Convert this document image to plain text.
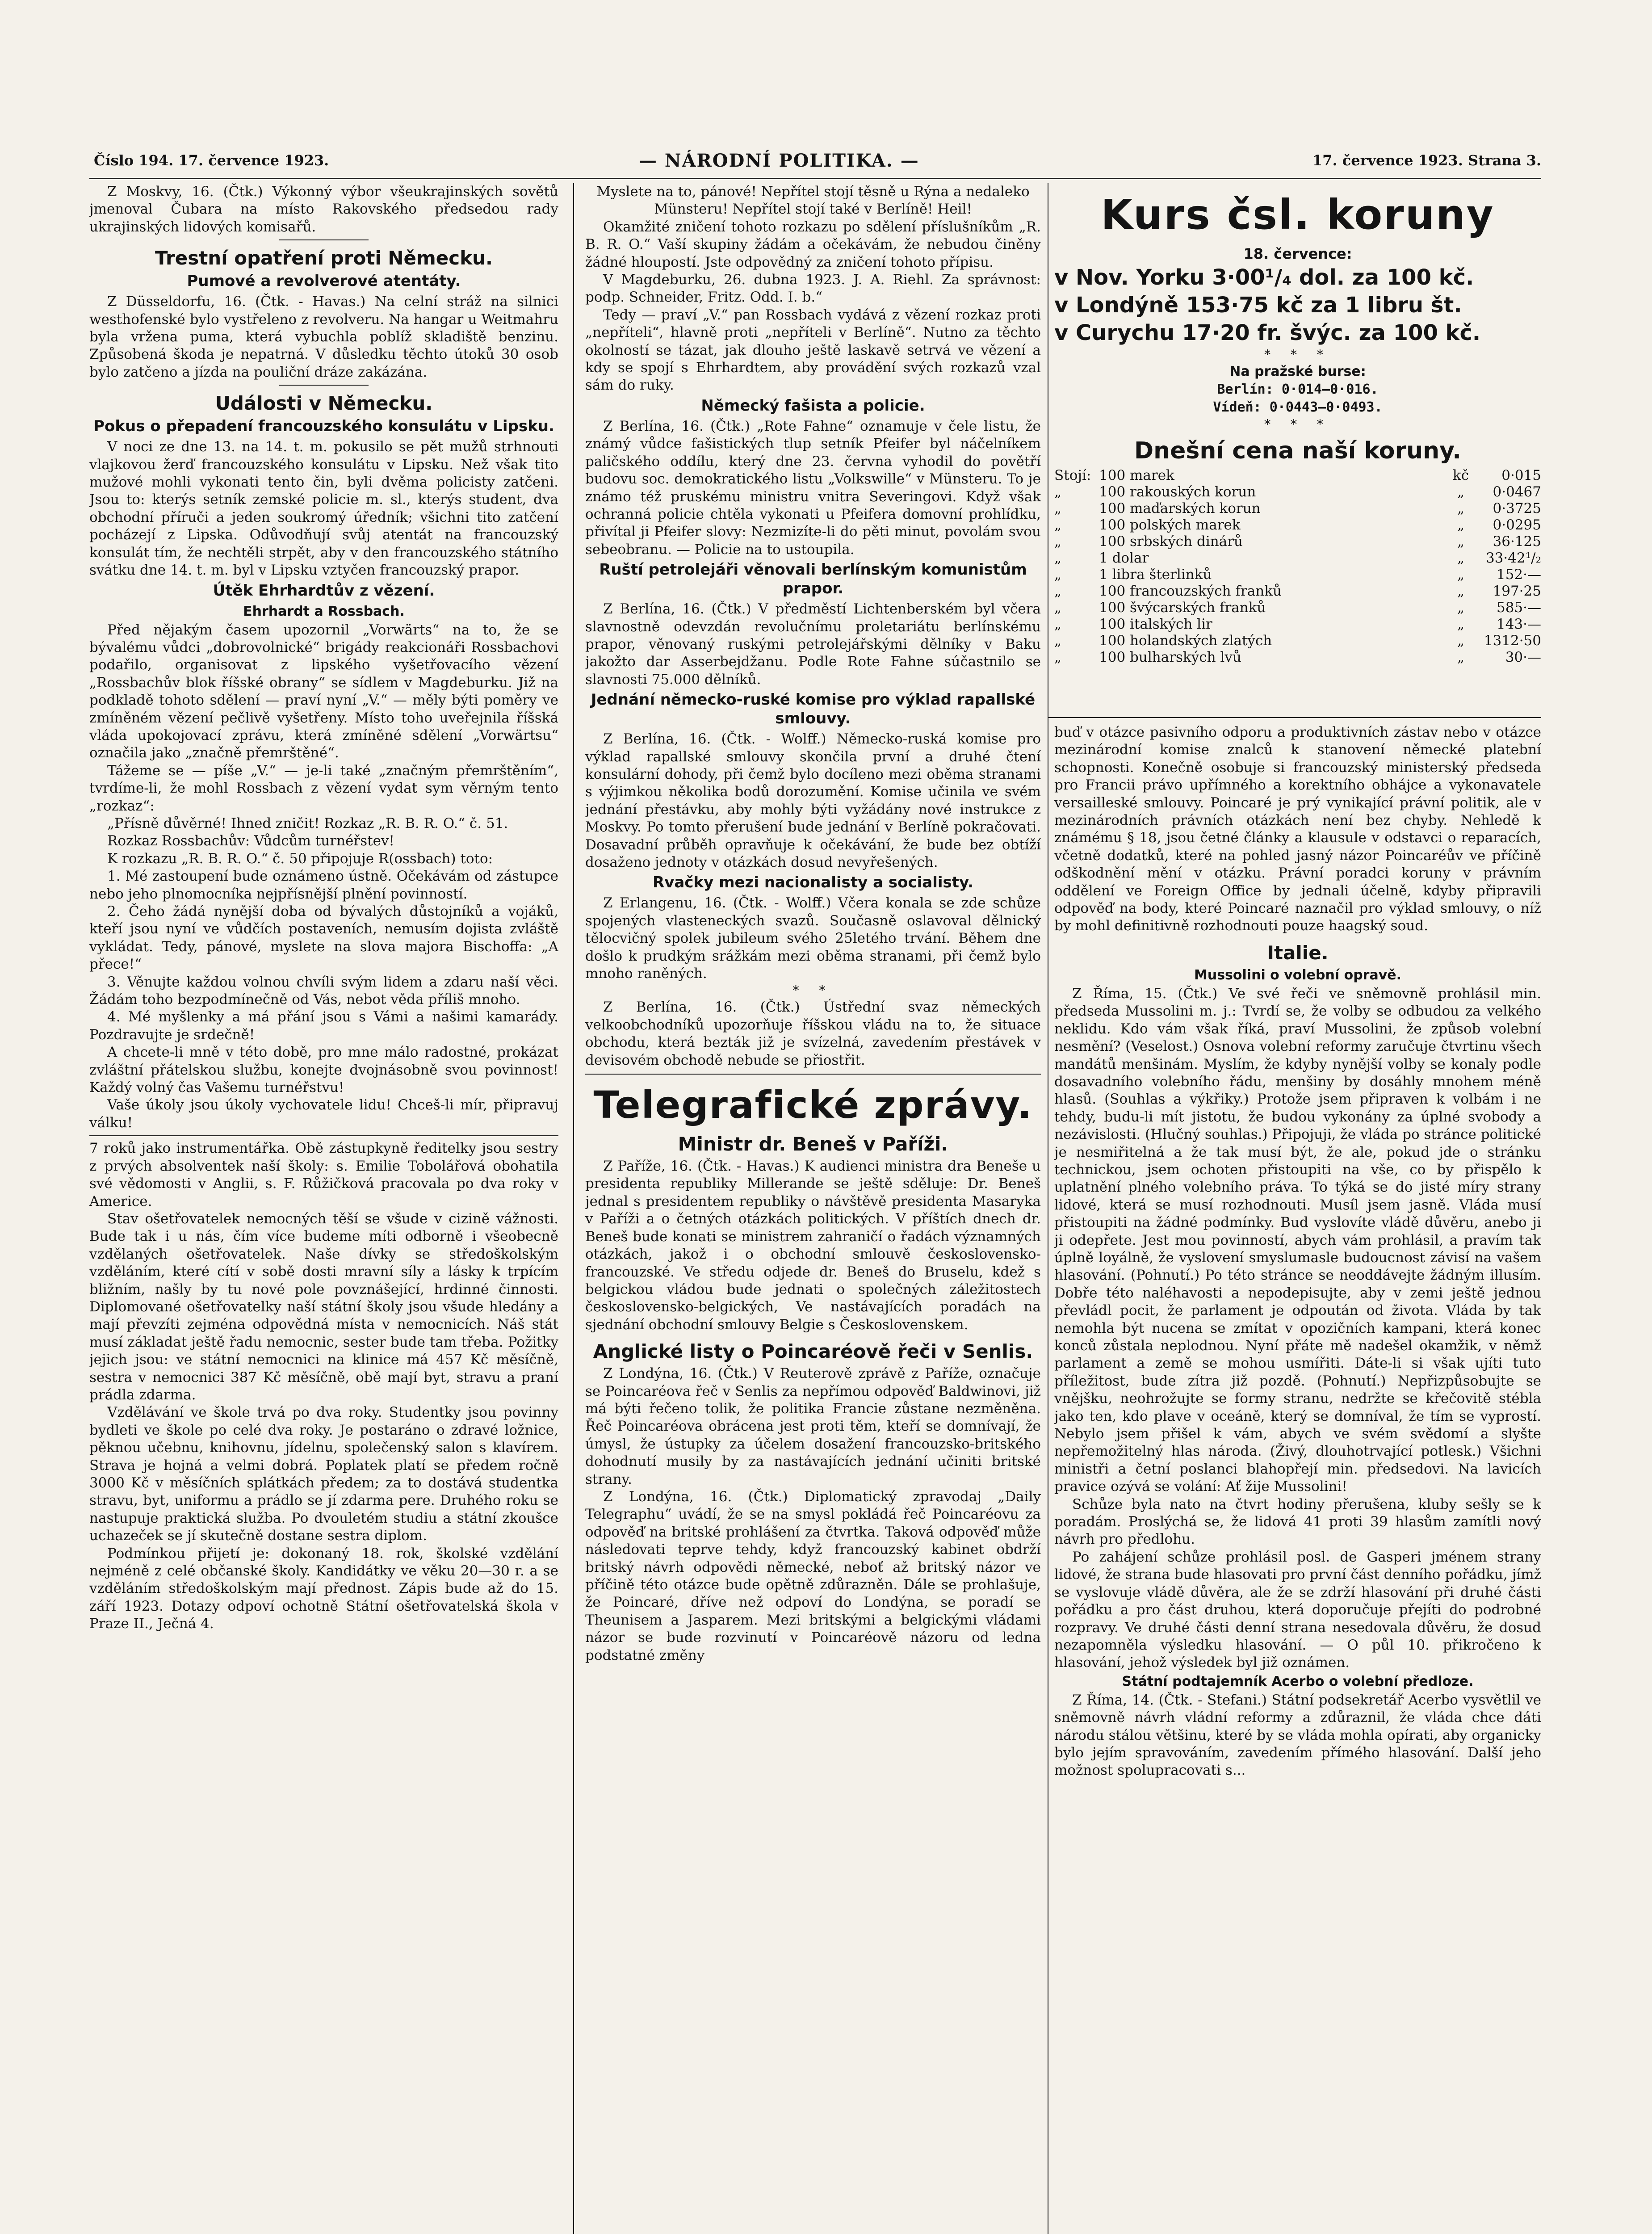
Číslo 194. 17. července 1923.	— NÁRODNÍ POLITIKA. —	17. července 1923. Strana 3.

Z Moskvy, 16. (Čtk.) Výkonný výbor všeukrajinských sovětů jmenoval Čubara na místo Rakovského předsedou rady ukrajinských lidových komisařů.

Trestní opatření proti Německu.
Pumové a revolverové atentáty.

Z Düsseldorfu, 16. (Čtk. - Havas.) Na celní stráž na silnici westhofenské bylo vystřeleno z revolveru. Na hangar u Weitmahru byla vržena puma, která vybuchla poblíž skladiště benzinu. Způsobená škoda je nepatrná. V důsledku těchto útoků 30 osob bylo zatčeno a jízda na pouliční dráze zakázána.

Události v Německu.
Pokus o přepadení francouzského konsulátu v Lipsku.

V noci ze dne 13. na 14. t. m. pokusilo se pět mužů strhnouti vlajkovou žerď francouzského konsulátu v Lipsku. Než však tito mužové mohli vykonati tento čin, byli dvěma policisty zatčeni. Jsou to: kterýs setník zemské policie m. sl., kterýs student, dva obchodní příruči a jeden soukromý úředník; všichni tito zatčení pocházejí z Lipska. Odůvodňují svůj atentát na francouzský konsulát tím, že nechtěli strpět, aby v den francouzského státního svátku dne 14. t. m. byl v Lipsku vztyčen francouzský prapor.

Útěk Ehrhardtův z vězení.
Ehrhardt a Rossbach.

Před nějakým časem upozornil „Vorwärts“ na to, že se bývalému vůdci „dobrovolnické“ brigády reakcionáři Rossbachovi podařilo, organisovat z lipského vyšetřovacího vězení „Rossbachův blok říšské obrany“ se sídlem v Magdeburku. Již na podkladě tohoto sdělení — praví nyní „V.“ — měly býti poměry ve zmíněném vězení pečlivě vyšetřeny. Místo toho uveřejnila říšská vláda upokojovací zprávu, která zmíněné sdělení „Vorwärtsu“ označila jako „značně přemrštěné“.

Tážeme se — píše „V.“ — je-li také „značným přemrštěním“, tvrdíme-li, že mohl Rossbach z vězení vydat sym věrným tento „rozkaz“:

„Přísně důvěrné! Ihned zničit! Rozkaz „R. B. R. O.“ č. 51.

Rozkaz Rossbachův: Vůdcům turnéřstev!

K rozkazu „R. B. R. O.“ č. 50 připojuje R(ossbach) toto:

1. Mé zastoupení bude oznámeno ústně. Očekávám od zástupce nebo jeho plnomocníka nejpřísnější plnění povinností.

2. Čeho žádá nynější doba od bývalých důstojníků a vojáků, kteří jsou nyní ve vůdčích postaveních, nemusím dojista zvláště vykládat. Tedy, pánové, myslete na slova majora Bischoffa: „A přece!“

3. Věnujte každou volnou chvíli svým lidem a zdaru naší věci. Žádám toho bezpodmínečně od Vás, nebot věda příliš mnoho.

4. Mé myšlenky a má přání jsou s Vámi a našimi kamarády. Pozdravujte je srdečně!

A chcete-li mně v této době, pro mne málo radostné, prokázat zvláštní přátelskou službu, konejte dvojnásobně svou povinnost! Každý volný čas Vašemu turnéřstvu!

Vaše úkoly jsou úkoly vychovatele lidu! Chceš-li mír, připravuj válku!

7 roků jako instrumentářka. Obě zástupkyně ředitelky jsou sestry z prvých absolventek naší školy: s. Emilie Tobolářová obohatila své vědomosti v Anglii, s. F. Růžičková pracovala po dva roky v Americe.

Stav ošetřovatelek nemocných těší se všude v cizině vážnosti. Bude tak i u nás, čím více budeme míti odborně i všeobecně vzdělaných ošetřovatelek. Naše dívky se středoškolským vzděláním, které cítí v sobě dosti mravní síly a lásky k trpícím bližním, našly by tu nové pole povznášející, hrdinné činnosti. Diplomované ošetřovatelky naší státní školy jsou všude hledány a mají převzíti zejména odpovědná místa v nemocnicích. Náš stát musí základat ještě řadu nemocnic, sester bude tam třeba. Požitky jejich jsou: ve státní nemocnici na klinice má 457 Kč měsíčně, sestra v nemocnici 387 Kč měsíčně, obě mají byt, stravu a praní prádla zdarma.

Vzdělávání ve škole trvá po dva roky. Studentky jsou povinny bydleti ve škole po celé dva roky. Je postaráno o zdravé ložnice, pěknou učebnu, knihovnu, jídelnu, společenský salon s klavírem. Strava je hojná a velmi dobrá. Poplatek platí se předem ročně 3000 Kč v měsíčních splátkách předem; za to dostává studentka stravu, byt, uniformu a prádlo se jí zdarma pere. Druhého roku se nastupuje praktická služba. Po dvouletém studiu a státní zkoušce uchazeček se jí skutečně dostane sestra diplom.

Podmínkou přijetí je: dokonaný 18. rok, školské vzdělání nejméně z celé občanské školy. Kandidátky ve věku 20—30 r. a se vzděláním středoškolským mají přednost. Zápis bude až do 15. září 1923. Dotazy odpoví ochotně Státní ošetřovatelská škola v Praze II., Ječná 4.

Myslete na to, pánové! Nepřítel stojí těsně u Rýna a nedaleko Münsteru! Nepřítel stojí také v Berlíně! Heil!

Okamžité zničení tohoto rozkazu po sdělení příslušníkům „R. B. R. O.“ Vaší skupiny žádám a očekávám, že nebudou činěny žádné hloupostí. Jste odpovědný za zničení tohoto přípisu.

V Magdeburku, 26. dubna 1923. J. A. Riehl. Za správnost: podp. Schneider, Fritz. Odd. I. b.“

Tedy — praví „V.“ pan Rossbach vydává z vězení rozkaz proti „nepříteli“, hlavně proti „nepříteli v Berlíně“. Nutno za těchto okolností se tázat, jak dlouho ještě laskavě setrvá ve vězení a kdy se spojí s Ehrhardtem, aby provádění svých rozkazů vzal sám do ruky.

Německý fašista a policie.

Z Berlína, 16. (Čtk.) „Rote Fahne“ oznamuje v čele listu, že známý vůdce fašistických tlup setník Pfeifer byl náčelníkem paličského oddílu, který dne 23. června vyhodil do povětří budovu soc. demokratického listu „Volkswille“ v Münsteru. To je známo též pruskému ministru vnitra Severingovi. Když však ochranná policie chtěla vykonati u Pfeifera domovní prohlídku, přivítal ji Pfeifer slovy: Nezmizíte-li do pěti minut, povolám svou sebeobranu. — Policie na to ustoupila.

Ruští petrolejáři věnovali berlínským komunistům prapor.

Z Berlína, 16. (Čtk.) V předměstí Lichtenberském byl včera slavnostně odevzdán revolučnímu proletariátu berlínskému prapor, věnovaný ruskými petrolejářskými dělníky v Baku jakožto dar Asserbejdžanu. Podle Rote Fahne súčastnilo se slavnosti 75.000 dělníků.

Jednání německo-ruské komise pro výklad rapallské smlouvy.

Z Berlína, 16. (Čtk. - Wolff.) Německo-ruská komise pro výklad rapallské smlouvy skončila první a druhé čtení konsulární dohody, při čemž bylo docíleno mezi oběma stranami s výjimkou několika bodů dorozumění. Komise učinila ve svém jednání přestávku, aby mohly býti vyžádány nové instrukce z Moskvy. Po tomto přerušení bude jednání v Berlíně pokračovati. Dosavadní průběh opravňuje k očekávání, že bude bez obtíží dosaženo jednoty v otázkách dosud nevyřešených.

Rvačky mezi nacionalisty a socialisty.

Z Erlangenu, 16. (Čtk. - Wolff.) Včera konala se zde schůze spojených vlasteneckých svazů. Současně oslavoval dělnický tělocvičný spolek jubileum svého 25letého trvání. Během dne došlo k prudkým srážkám mezi oběma stranami, při čemž bylo mnoho raněných.

* *

Z Berlína, 16. (Čtk.) Ústřední svaz německých velkoobchodníků upozorňuje říšskou vládu na to, že situace obchodu, která bezták již je svízelná, zavedením přestávek v devisovém obchodě nebude se přiostřit.

Telegrafické zprávy.
Ministr dr. Beneš v Paříži.

Z Paříže, 16. (Čtk. - Havas.) K audienci ministra dra Beneše u presidenta republiky Millerande se ještě sděluje: Dr. Beneš jednal s presidentem republiky o návštěvě presidenta Masaryka v Paříži a o četných otázkách politických. V příštích dnech dr. Beneš bude konati se ministrem zahraničí o řadách významných otázkách, jakož i o obchodní smlouvě československo-francouzské. Ve středu odjede dr. Beneš do Bruselu, kdež s belgickou vládou bude jednati o společných záležitostech československo-belgických, Ve nastávajících poradách na sjednání obchodní smlouvy Belgie s Československem.

Anglické listy o Poincaréově řeči v Senlis.

Z Londýna, 16. (Čtk.) V Reuterově zprávě z Paříže, označuje se Poincaréova řeč v Senlis za nepřímou odpověď Baldwinovi, již má býti řečeno tolik, že politika Francie zůstane nezměněna. Řeč Poincaréova obrácena jest proti těm, kteří se domnívají, že úmysl, že ústupky za účelem dosažení francouzsko-britského dohodnutí musily by za nastávajících jednání učiniti britské strany.

Z Londýna, 16. (Čtk.) Diplomatický zpravodaj „Daily Telegraphu“ uvádí, že se na smysl pokládá řeč Poincaréovu za odpověď na britské prohlášení za čtvrtka. Taková odpověď může následovati teprve tehdy, když francouzský kabinet obdrží britský návrh odpovědi německé, neboť až britský názor ve příčině této otázce bude opětně zdůrazněn. Dále se prohlašuje, že Poincaré, dříve než odpoví do Londýna, se poradí se Theunisem a Jasparem. Mezi britskými a belgickými vládami názor se bude rozvinutí v Poincaréově názoru od ledna podstatné změny

Kurs čsl. koruny
18. července:
v Nov. Yorku 3·00¹/₄ dol. za 100 kč.
v Londýně 153·75 kč za 1 libru št.
v Curychu 17·20 fr. švýc. za 100 kč.
* * *
Na pražské burse:
Berlín: 0·014—0·016.
Vídeň: 0·0443—0·0493.
* * *
Dnešní cena naší koruny.
Stojí:	100 marek	kč	0·015
„	100 rakouských korun	„	0·0467
„	100 maďarských korun	„	0·3725
„	100 polských marek	„	0·0295
„	100 srbských dinárů	„	36·125
„	1 dolar	„	33·42¹/₂
„	1 libra šterlinků	„	152·—
„	100 francouzských franků	„	197·25
„	100 švýcarských franků	„	585·—
„	100 italských lir	„	143·—
„	100 holandských zlatých	„	1312·50
„	100 bulharských lvů	„	30·—

buď v otázce pasivního odporu a produktivních zástav nebo v otázce mezinárodní komise znalců k stanovení německé platební schopnosti. Konečně osobuje si francouzský ministerský předseda pro Francii právo upřímného a korektního obhájce a vykonavatele versailleské smlouvy. Poincaré je prý vynikající právní politik, ale v mezinárodních právních otázkách není bez chyby. Nehledě k známému § 18, jsou četné články a klausule v odstavci o reparacích, včetně dodatků, které na pohled jasný názor Poincaréův ve příčině odškodnění mění v otázku. Právní poradci koruny v právním oddělení ve Foreign Office by jednali účelně, kdyby připravili odpověď na body, které Poincaré naznačil pro výklad smlouvy, o níž by mohl definitivně rozhodnouti pouze haagský soud.

Italie.
Mussolini o volební opravě.

Z Říma, 15. (Čtk.) Ve své řeči ve sněmovně prohlásil min. předseda Mussolini m. j.: Tvrdí se, že volby se odbudou za velkého neklidu. Kdo vám však říká, praví Mussolini, že způsob volební nesmění? (Veselost.) Osnova volební reformy zaručuje čtvrtinu všech mandátů menšinám. Myslím, že kdyby nynější volby se konaly podle dosavadního volebního řádu, menšiny by dosáhly mnohem méně hlasů. (Souhlas a výkřiky.) Protože jsem připraven k volbám i ne tehdy, budu-li mít jistotu, že budou vykonány za úplné svobody a nezávislosti. (Hlučný souhlas.) Připojuji, že vláda po stránce politické je nesmiřitelná a že tak musí být, že ale, pokud jde o stránku technickou, jsem ochoten přistoupiti na vše, co by přispělo k uplatnění plného volebního práva. To týká se do jisté míry strany lidové, která se musí rozhodnouti. Musíl jsem jasně. Vláda musí přistoupiti na žádné podmínky. Bud vyslovíte vládě důvěru, anebo ji ji odepřete. Jest mou povinností, abych vám prohlásil, a pravím tak úplně loyálně, že vyslovení smyslumasle budoucnost závisí na vašem hlasování. (Pohnutí.) Po této stránce se neoddávejte žádným illusím. Dobře této naléhavosti a nepodepisujte, aby v zemi ještě jednou převládl pocit, že parlament je odpoután od života. Vláda by tak nemohla být nucena se zmítat v opozičních kampani, která konec konců zůstala neplodnou. Nyní přáte mě nadešel okamžik, v němž parlament a země se mohou usmířiti. Dáte-li si však ujíti tuto příležitost, bude zítra již pozdě. (Pohnutí.) Nepřizpůsobujte se vnějšku, neohrožujte se formy stranu, nedržte se křečovitě stébla jako ten, kdo plave v oceáně, který se domníval, že tím se vyprostí. Nebylo jsem přišel k vám, abych ve svém svědomí a slyšte nepřemožitelný hlas národa. (Živý, dlouhotrvající potlesk.) Všichni ministři a četní poslanci blahopřejí min. předsedovi. Na lavicích pravice ozývá se volání: Ať žije Mussolini!

Schůze byla nato na čtvrt hodiny přerušena, kluby sešly se k poradám. Proslýchá se, že lidová 41 proti 39 hlasům zamítli nový návrh pro předlohu.

Po zahájení schůze prohlásil posl. de Gasperi jménem strany lidové, že strana bude hlasovati pro první část denního pořádku, jímž se vyslovuje vládě důvěra, ale že se zdrží hlasování při druhé části pořádku a pro část druhou, která doporučuje přejíti do podrobné rozpravy. Ve druhé části denní strana nesedovala důvěru, že dosud nezapomněla výsledku hlasování. — O půl 10. přikročeno k hlasování, jehož výsledek byl již oznámen.

Státní podtajemník Acerbo o volební předloze.

Z Říma, 14. (Čtk. - Stefani.) Státní podsekretář Acerbo vysvětlil ve sněmovně návrh vládní reformy a zdůraznil, že vláda chce dáti národu stálou většinu, které by se vláda mohla opírati, aby organicky bylo jejím spravováním, zavedením přímého hlasování. Další jeho možnost spolupracovati s...
